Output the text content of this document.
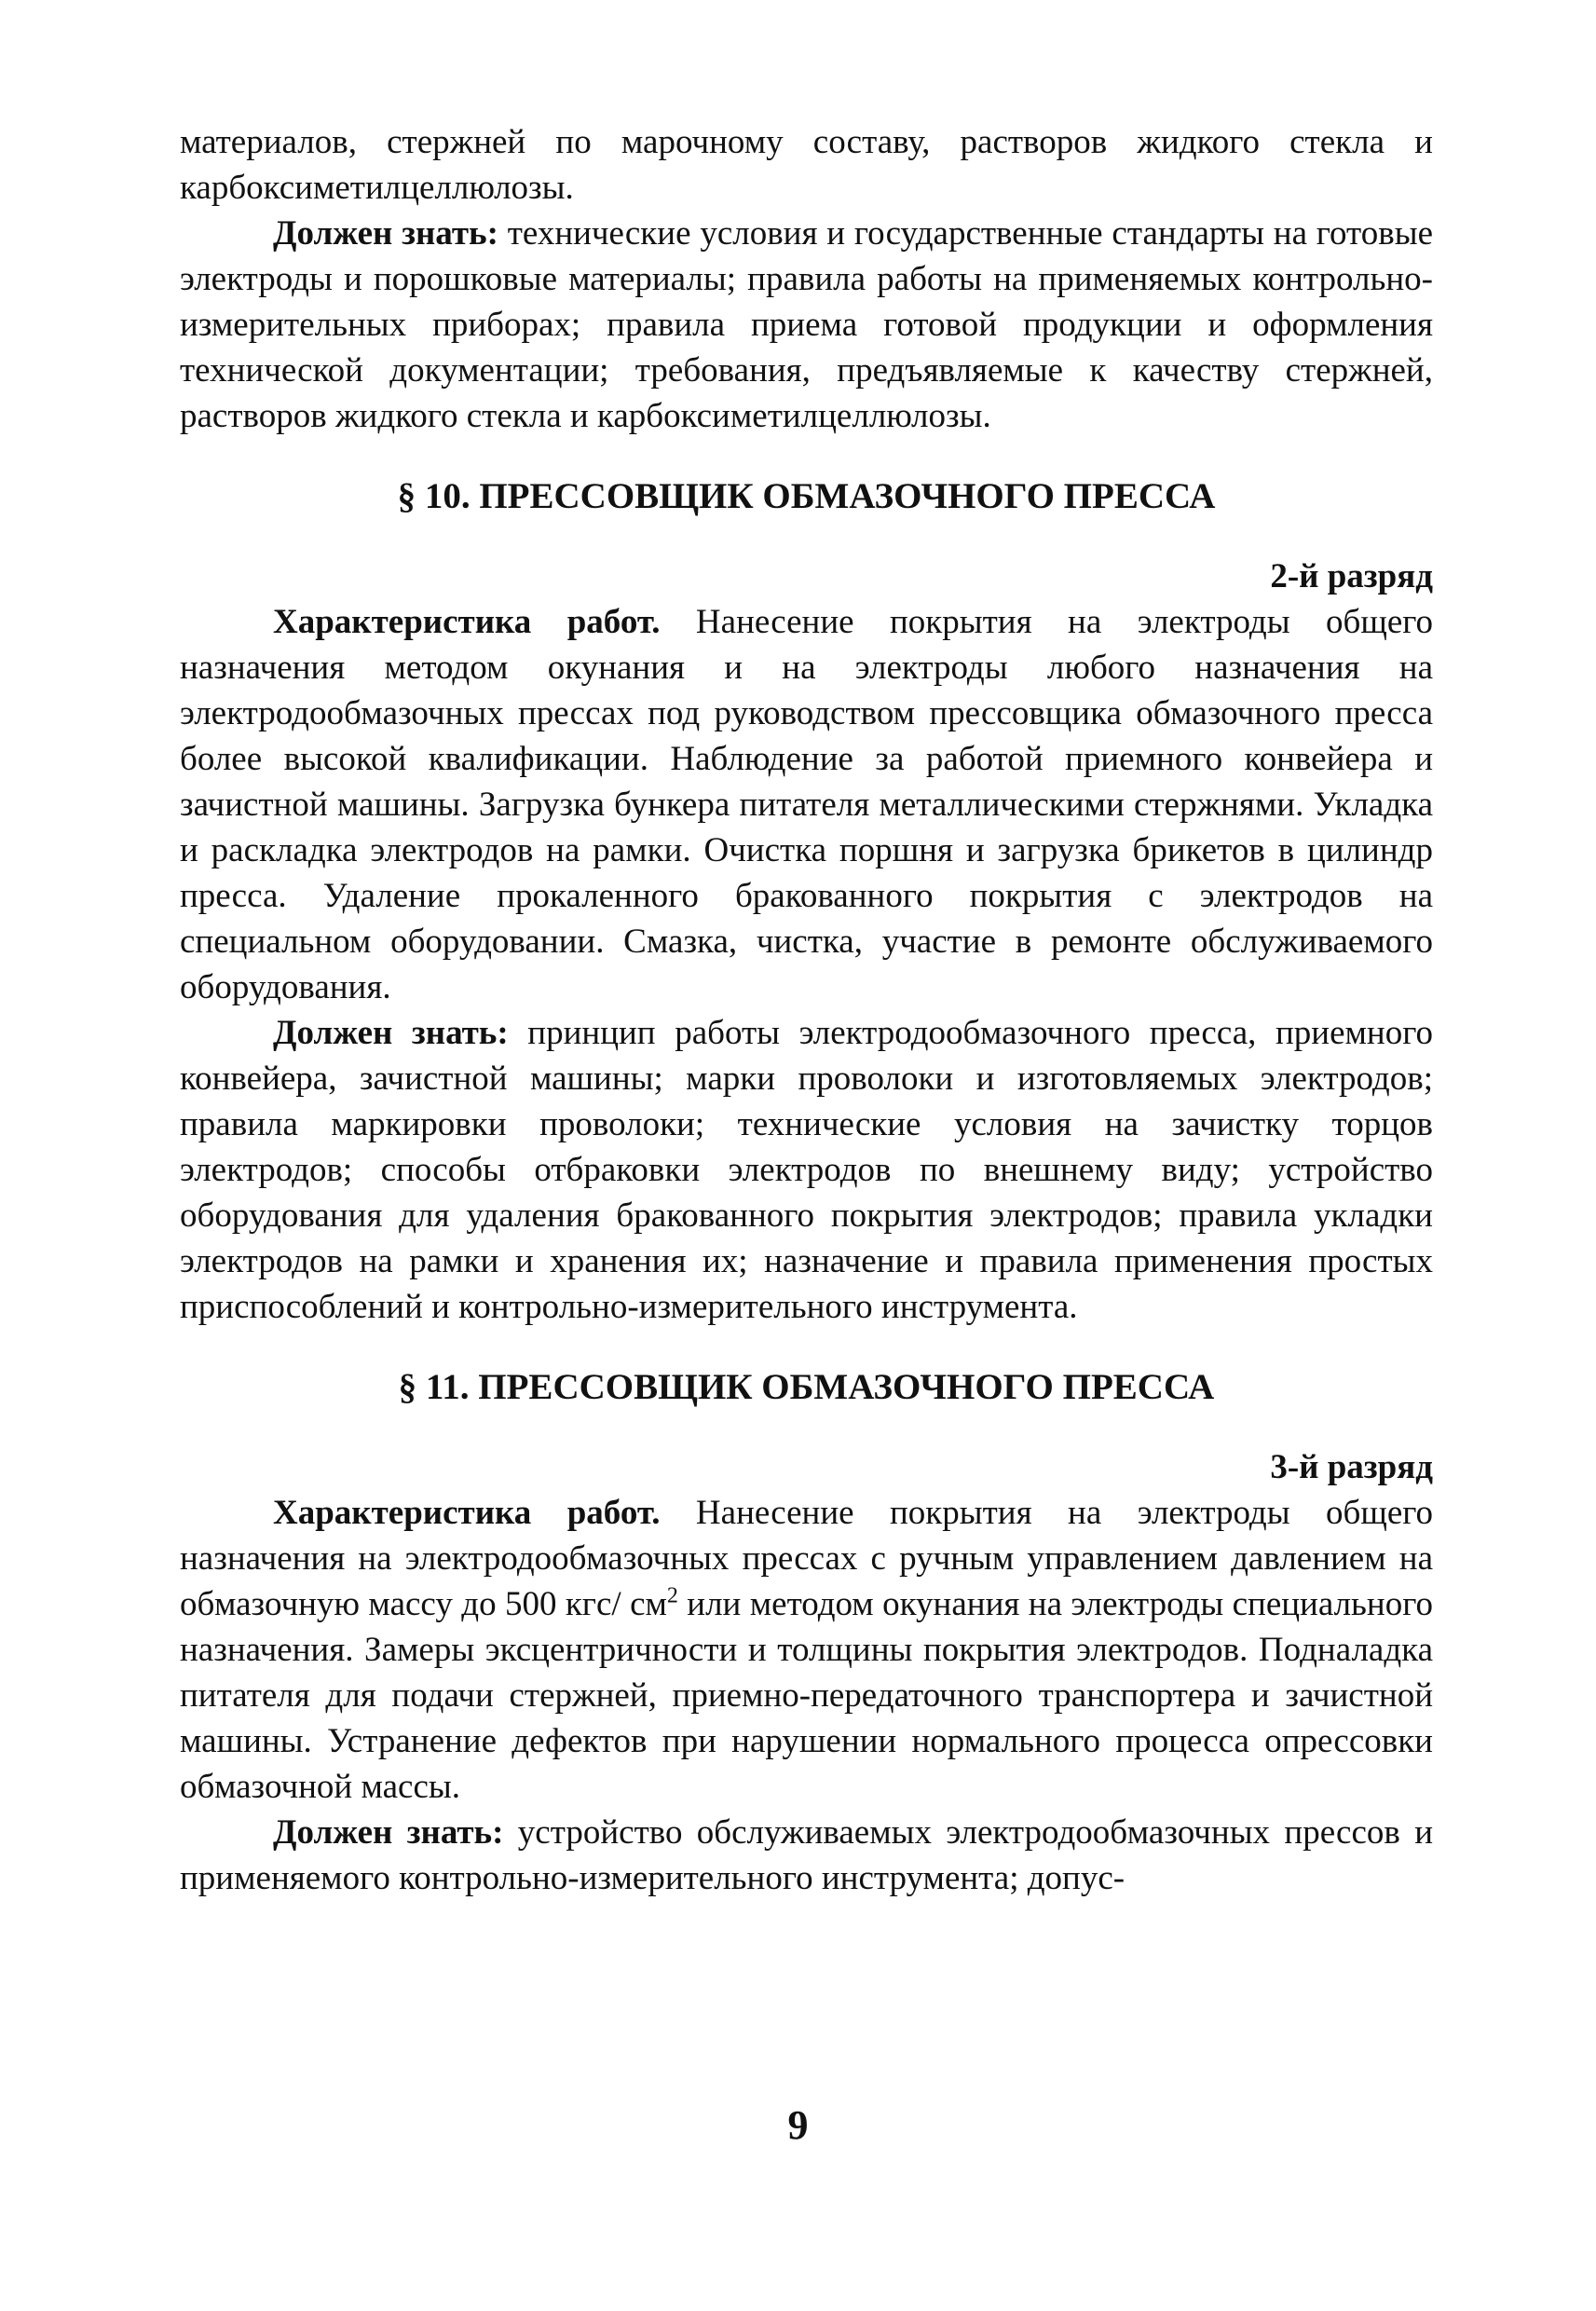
материалов, стержней по марочному составу, растворов жидкого стекла и карбоксиметилцеллюлозы.

Должен знать: технические условия и государственные стандарты на готовые электроды и порошковые материалы; правила работы на применяемых контрольно-измерительных приборах; правила приема готовой продукции и оформления технической документации; требования, предъявляемые к качеству стержней, растворов жидкого стекла и карбоксиметилцеллюлозы.

§ 10. ПРЕССОВЩИК ОБМАЗОЧНОГО ПРЕССА

2-й разряд

Характеристика работ. Нанесение покрытия на электроды общего назначения методом окунания и на электроды любого назначения на электродообмазочных прессах под руководством прессовщика обмазочного пресса более высокой квалификации. Наблюдение за работой приемного конвейера и зачистной машины. Загрузка бункера питателя металлическими стержнями. Укладка и раскладка электродов на рамки. Очистка поршня и загрузка брикетов в цилиндр пресса. Удаление прокаленного бракованного покрытия с электродов на специальном оборудовании. Смазка, чистка, участие в ремонте обслуживаемого оборудования.

Должен знать: принцип работы электродообмазочного пресса, приемного конвейера, зачистной машины; марки проволоки и изготовляемых электродов; правила маркировки проволоки; технические условия на зачистку торцов электродов; способы отбраковки электродов по внешнему виду; устройство оборудования для удаления бракованного покрытия электродов; правила укладки электродов на рамки и хранения их; назначение и правила применения простых приспособлений и контрольно-измерительного инструмента.

§ 11. ПРЕССОВЩИК ОБМАЗОЧНОГО ПРЕССА

3-й разряд

Характеристика работ. Нанесение покрытия на электроды общего назначения на электродообмазочных прессах с ручным управлением давлением на обмазочную массу до 500 кгс/ $см^2$ или методом окунания на электроды специального назначения. Замеры эксцентричности и толщины покрытия электродов. Подналадка питателя для подачи стержней, приемно-передаточного транспортера и зачистной машины. Устранение дефектов при нарушении нормального процесса опрессовки обмазочной массы.

Должен знать: устройство обслуживаемых электродообмазочных прессов и применяемого контрольно-измерительного инструмента; допус-

9
